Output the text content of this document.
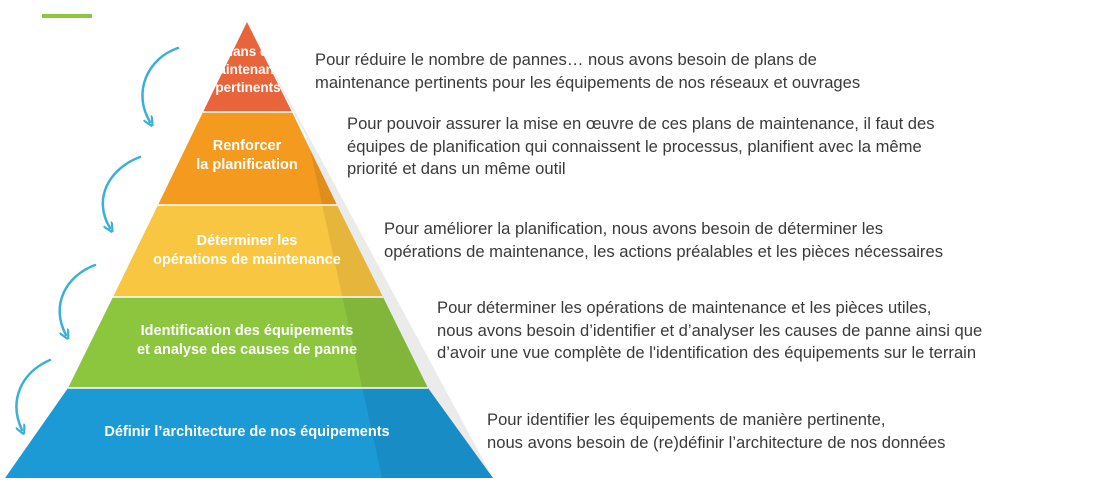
Plans de
Maintenance
pertinents
Renforcer
la planification
Déterminer les
opérations de maintenance
Identification des équipements
et analyse des causes de panne
Définir l’architecture de nos équipements
Pour réduire le nombre de pannes… nous avons besoin de plans de
maintenance pertinents pour les équipements de nos réseaux et ouvrages
Pour pouvoir assurer la mise en œuvre de ces plans de maintenance, il faut des
équipes de planification qui connaissent le processus, planifient avec la même
priorité et dans un même outil
Pour améliorer la planification, nous avons besoin de déterminer les
opérations de maintenance, les actions préalables et les pièces nécessaires
Pour déterminer les opérations de maintenance et les pièces utiles,
nous avons besoin d’identifier et d’analyser les causes de panne ainsi que
d’avoir une vue complète de l'identification des équipements sur le terrain
Pour identifier les équipements de manière pertinente,
nous avons besoin de (re)définir l’architecture de nos données
